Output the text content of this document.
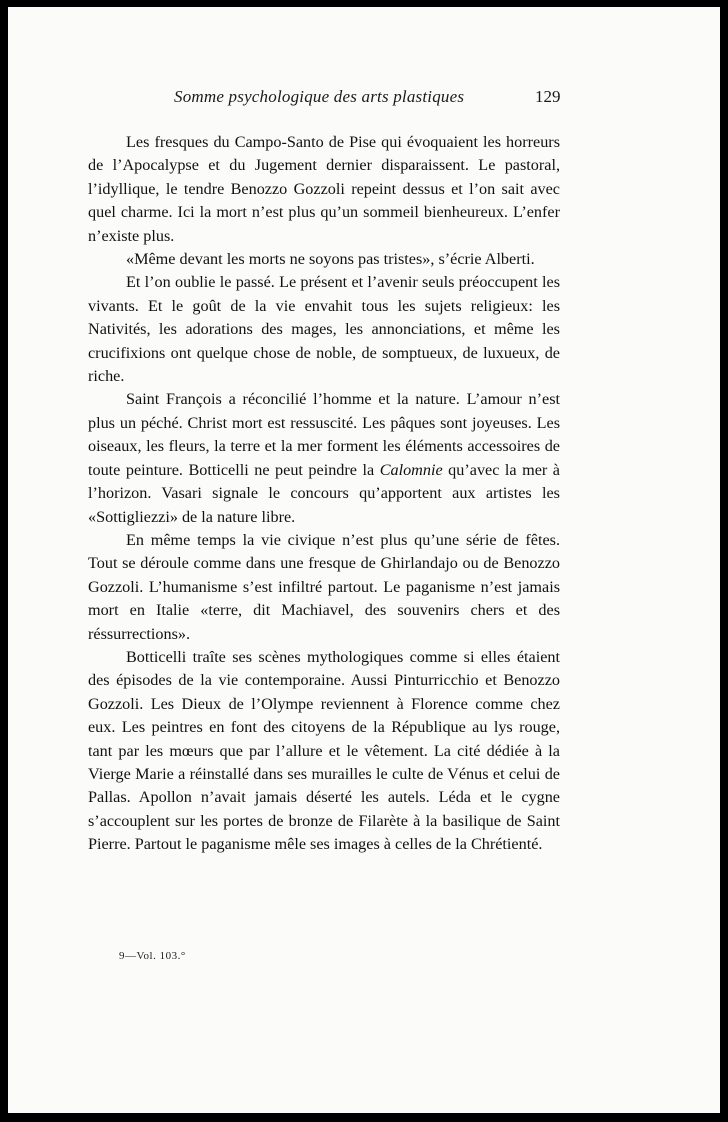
Somme psychologique des arts plastiques	129

Les fresques du Campo-Santo de Pise qui évoquaient les horreurs de l’Apocalypse et du Jugement dernier disparaissent. Le pastoral, l’idyllique, le tendre Benozzo Gozzoli repeint dessus et l’on sait avec quel charme. Ici la mort n’est plus qu’un sommeil bienheureux. L’enfer n’existe plus.

«Même devant les morts ne soyons pas tristes», s’écrie Alberti.

Et l’on oublie le passé. Le présent et l’avenir seuls préoccupent les vivants. Et le goût de la vie envahit tous les sujets religieux: les Nativités, les adorations des mages, les annonciations, et même les crucifixions ont quelque chose de noble, de somptueux, de luxueux, de riche.

Saint François a réconcilié l’homme et la nature. L’amour n’est plus un péché. Christ mort est ressuscité. Les pâques sont joyeuses. Les oiseaux, les fleurs, la terre et la mer forment les éléments accessoires de toute peinture. Botticelli ne peut peindre la Calomnie qu’avec la mer à l’horizon. Vasari signale le concours qu’apportent aux artistes les «Sottigliezzi» de la nature libre.

En même temps la vie civique n’est plus qu’une série de fêtes. Tout se déroule comme dans une fresque de Ghirlandajo ou de Benozzo Gozzoli. L’humanisme s’est infiltré partout. Le paganisme n’est jamais mort en Italie «terre, dit Machiavel, des souvenirs chers et des réssurrections».

Botticelli traîte ses scènes mythologiques comme si elles étaient des épisodes de la vie contemporaine. Aussi Pinturricchio et Benozzo Gozzoli. Les Dieux de l’Olympe reviennent à Florence comme chez eux. Les peintres en font des citoyens de la République au lys rouge, tant par les mœurs que par l’allure et le vêtement. La cité dédiée à la Vierge Marie a réinstallé dans ses murailles le culte de Vénus et celui de Pallas. Apollon n’avait jamais déserté les autels. Léda et le cygne s’accouplent sur les portes de bronze de Filarète à la basilique de Saint Pierre. Partout le paganisme mêle ses images à celles de la Chrétienté.

9—Vol. 103.°
